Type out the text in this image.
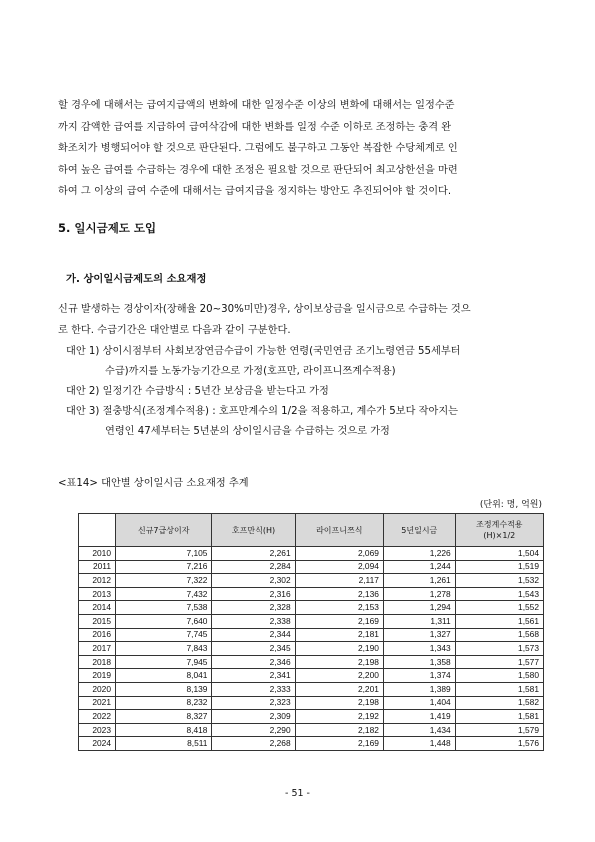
할 경우에 대해서는 급여지급액의 변화에 대한 일정수준 이상의 변화에 대해서는 일정수준
까지 감액한 급여를 지급하여 급여삭감에 대한 변화를 일정 수준 이하로 조정하는 충격 완
화조치가 병행되어야 할 것으로 판단된다. 그럼에도 불구하고 그동안 복잡한 수당체계로 인
하여 높은 급여를 수급하는 경우에 대한 조정은 필요할 것으로 판단되어 최고상한선을 마련
하여 그 이상의 급여 수준에 대해서는 급여지급을 정지하는 방안도 추진되어야 할 것이다.

5. 일시금제도 도입
가. 상이일시금제도의 소요재정

신규 발생하는 경상이자(장해율 20~30%미만)경우, 상이보상금을 일시금으로 수급하는 것으
로 한다. 수급기간은 대안별로 다음과 같이 구분한다.

대안 1) 상이시점부터 사회보장연금수급이 가능한 연령(국민연금 조기노령연금 55세부터
수급)까지를 노동가능기간으로 가정(호프만, 라이프니쯔계수적용)
대안 2) 일정기간 수급방식 : 5년간 보상금을 받는다고 가정
대안 3) 절충방식(조정계수적용) : 호프만계수의 1/2을 적용하고, 계수가 5보다 작아지는
연령인 47세부터는 5년분의 상이일시금을 수급하는 것으로 가정
<표14> 대안별 상이일시금 소요재정 추계
(단위: 명, 억원)
	신규7급상이자	호프만식(H)	라이프니쯔식	5년일시금	조정계수적용
(H)×1/2
2010	7,105	2,261	2,069	1,226	1,504
2011	7,216	2,284	2,094	1,244	1,519
2012	7,322	2,302	2,117	1,261	1,532
2013	7,432	2,316	2,136	1,278	1,543
2014	7,538	2,328	2,153	1,294	1,552
2015	7,640	2,338	2,169	1,311	1,561
2016	7,745	2,344	2,181	1,327	1,568
2017	7,843	2,345	2,190	1,343	1,573
2018	7,945	2,346	2,198	1,358	1,577
2019	8,041	2,341	2,200	1,374	1,580
2020	8,139	2,333	2,201	1,389	1,581
2021	8,232	2,323	2,198	1,404	1,582
2022	8,327	2,309	2,192	1,419	1,581
2023	8,418	2,290	2,182	1,434	1,579
2024	8,511	2,268	2,169	1,448	1,576
- 51 -
